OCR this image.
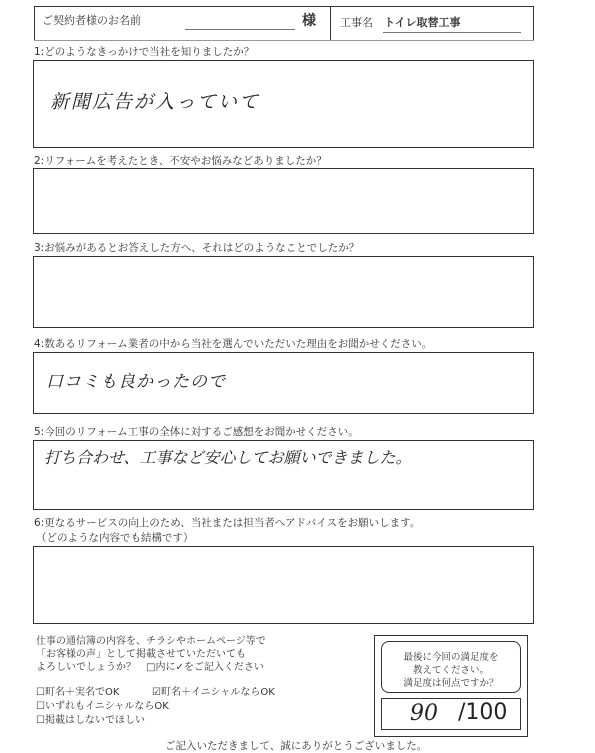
ご契約者様のお名前	様 工事名 トイレ取替工事
1:どのようなきっかけで当社を知りましたか？
新聞広告が入っていて
2:リフォームを考えたとき、不安やお悩みなどありましたか？
3:お悩みがあるとお答えした方へ、それはどのようなことでしたか？
4:数あるリフォーム業者の中から当社を選んでいただいた理由をお聞かせください。
口コミも良かったので
5:今回のリフォーム工事の全体に対するご感想をお聞かせください。
打ち合わせ、工事など安心してお願いできました。
6:更なるサービスの向上のため、当社または担当者へアドバイスをお願いします。
（どのような内容でも結構です）
仕事の通信簿の内容を、チラシやホームページ等で
「お客様の声」として掲載させていただいても
よろしいでしょうか？　□内に✓をご記入ください
☐町名＋実名でOK	☑町名＋イニシャルならOK
☐いずれもイニシャルならOK
☐掲載はしないでほしい
最後に今回の満足度を
教えてください。
満足度は何点ですか？
90 /100
ご記入いただきまして、誠にありがとうございました。
